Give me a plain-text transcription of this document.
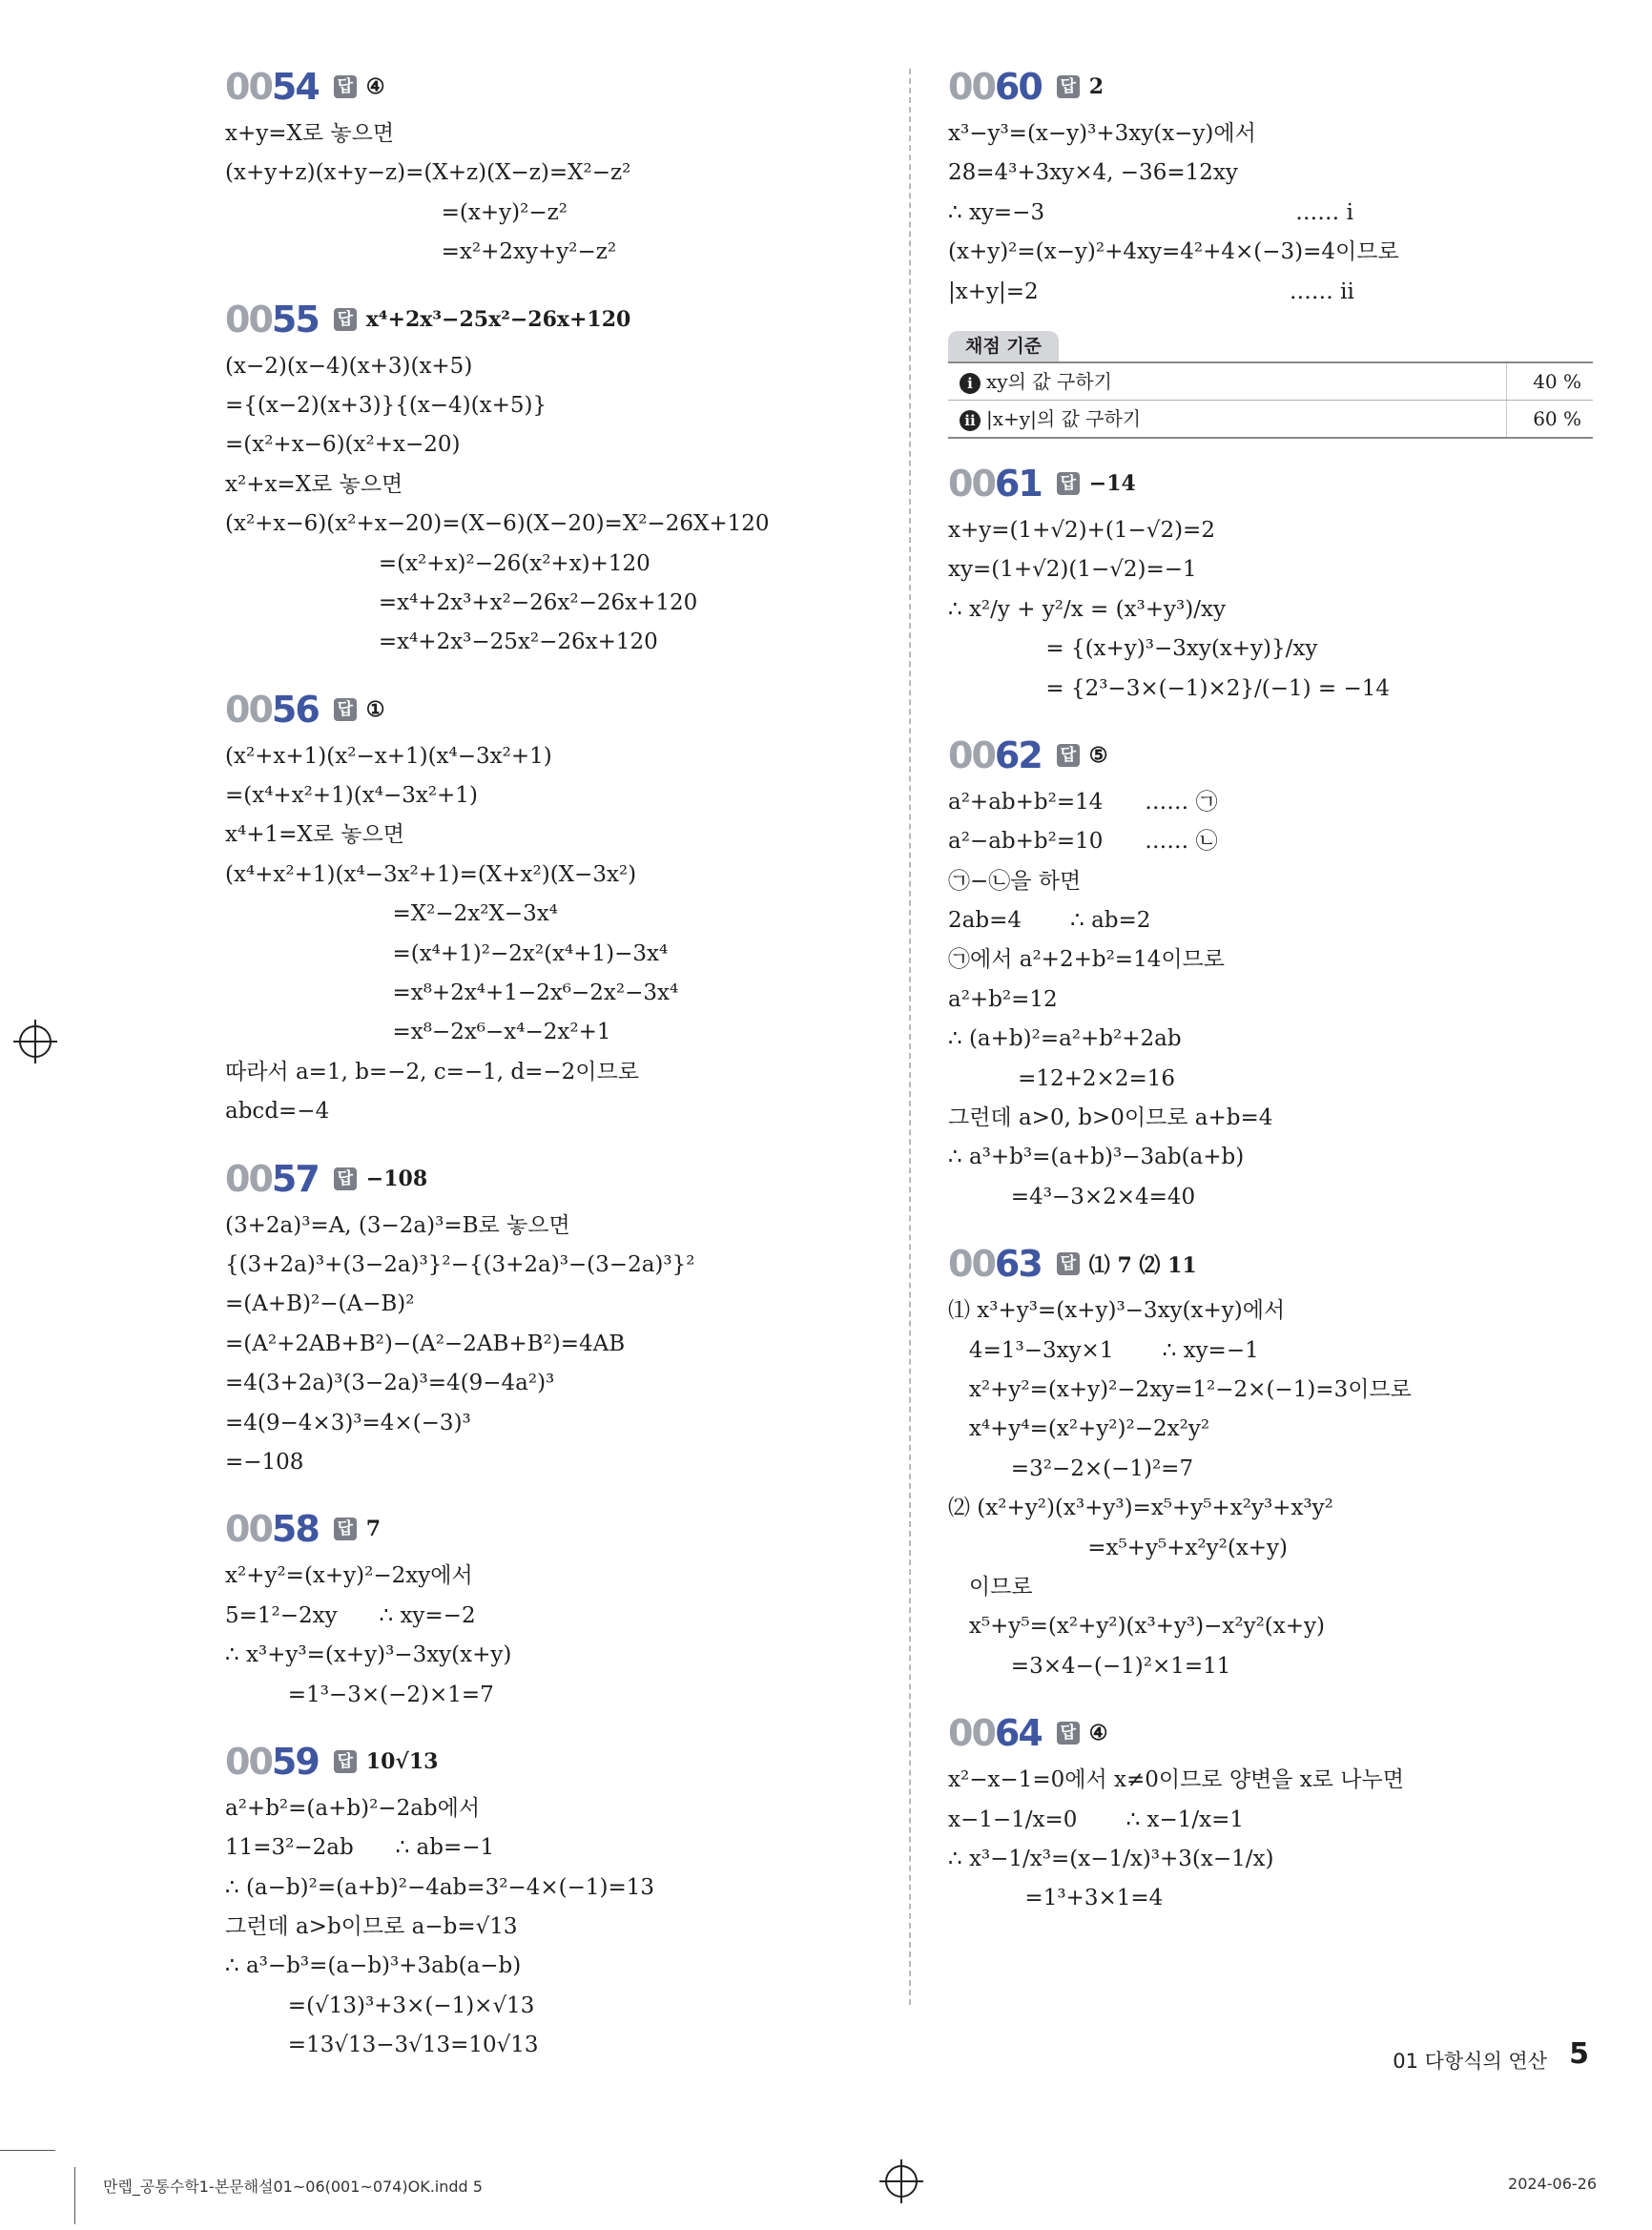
0054 답 ④
x+y=X로 놓으면
(x+y+z)(x+y−z)=(X+z)(X−z)=X²−z²
=(x+y)²−z²
=x²+2xy+y²−z²
0055 답 x⁴+2x³−25x²−26x+120
(x−2)(x−4)(x+3)(x+5)
={(x−2)(x+3)}{(x−4)(x+5)}
=(x²+x−6)(x²+x−20)
x²+x=X로 놓으면
(x²+x−6)(x²+x−20)=(X−6)(X−20)=X²−26X+120
=(x²+x)²−26(x²+x)+120
=x⁴+2x³+x²−26x²−26x+120
=x⁴+2x³−25x²−26x+120
0056 답 ①
(x²+x+1)(x²−x+1)(x⁴−3x²+1)
=(x⁴+x²+1)(x⁴−3x²+1)
x⁴+1=X로 놓으면
(x⁴+x²+1)(x⁴−3x²+1)=(X+x²)(X−3x²)
=X²−2x²X−3x⁴
=(x⁴+1)²−2x²(x⁴+1)−3x⁴
=x⁸+2x⁴+1−2x⁶−2x²−3x⁴
=x⁸−2x⁶−x⁴−2x²+1
따라서 a=1, b=−2, c=−1, d=−2이므로
abcd=−4
0057 답 −108
(3+2a)³=A, (3−2a)³=B로 놓으면
{(3+2a)³+(3−2a)³}²−{(3+2a)³−(3−2a)³}²
=(A+B)²−(A−B)²
=(A²+2AB+B²)−(A²−2AB+B²)=4AB
=4(3+2a)³(3−2a)³=4(9−4a²)³
=4(9−4×3)³=4×(−3)³
=−108
0058 답 7
x²+y²=(x+y)²−2xy에서
5=1²−2xy      ∴ xy=−2
∴ x³+y³=(x+y)³−3xy(x+y)
=1³−3×(−2)×1=7
0059 답 10√13
a²+b²=(a+b)²−2ab에서
11=3²−2ab      ∴ ab=−1
∴ (a−b)²=(a+b)²−4ab=3²−4×(−1)=13
그런데 a>b이므로 a−b=√13
∴ a³−b³=(a−b)³+3ab(a−b)
=(√13)³+3×(−1)×√13
=13√13−3√13=10√13
0060 답 2
x³−y³=(x−y)³+3xy(x−y)에서
28=4³+3xy×4, −36=12xy
∴ xy=−3                                    …… ⅰ
(x+y)²=(x−y)²+4xy=4²+4×(−3)=4이므로
|x+y|=2                                    …… ⅱ
채점 기준
i xy의 값 구하기	40 %
ii |x+y|의 값 구하기	60 %
0061 답 −14
x+y=(1+√2)+(1−√2)=2
xy=(1+√2)(1−√2)=−1
∴ x²/y + y²/x = (x³+y³)/xy
= {(x+y)³−3xy(x+y)}/xy
= {2³−3×(−1)×2}/(−1) = −14
0062 답 ⑤
a²+ab+b²=14      …… ㉠
a²−ab+b²=10      …… ㉡
㉠−㉡을 하면
2ab=4       ∴ ab=2
㉠에서 a²+2+b²=14이므로
a²+b²=12
∴ (a+b)²=a²+b²+2ab
=12+2×2=16
그런데 a>0, b>0이므로 a+b=4
∴ a³+b³=(a+b)³−3ab(a+b)
=4³−3×2×4=40
0063 답 ⑴ 7 ⑵ 11
⑴ x³+y³=(x+y)³−3xy(x+y)에서
4=1³−3xy×1       ∴ xy=−1
x²+y²=(x+y)²−2xy=1²−2×(−1)=3이므로
x⁴+y⁴=(x²+y²)²−2x²y²
=3²−2×(−1)²=7
⑵ (x²+y²)(x³+y³)=x⁵+y⁵+x²y³+x³y²
=x⁵+y⁵+x²y²(x+y)
이므로
x⁵+y⁵=(x²+y²)(x³+y³)−x²y²(x+y)
=3×4−(−1)²×1=11
0064 답 ④
x²−x−1=0에서 x≠0이므로 양변을 x로 나누면
x−1−1/x=0       ∴ x−1/x=1
∴ x³−1/x³=(x−1/x)³+3(x−1/x)
=1³+3×1=4
01 다항식의 연산 5
만렙_공통수학1-본문해설01~06(001~074)OK.indd 5	2024-06-26
